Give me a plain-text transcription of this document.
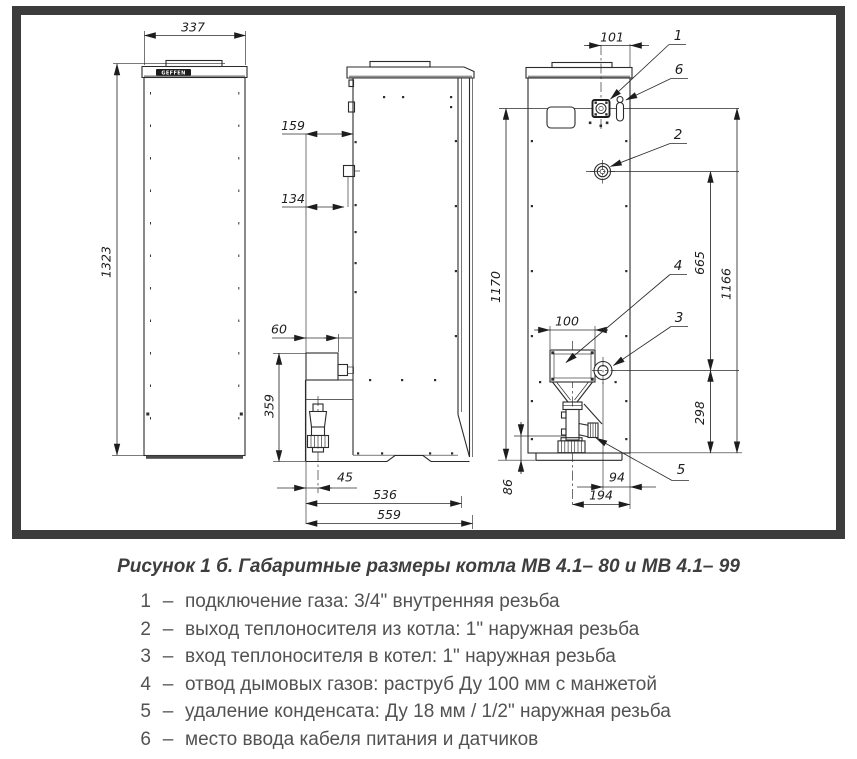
GEFFEN
337
1323
159
134
60
359
45
536
559
101
1170
665
1166
298
86
100
94
194
1
6
2
4
3
5
Рисунок 1 б. Габаритные размеры котла МВ 4.1– 80 и МВ 4.1– 99
1 – подключение газа: 3/4" внутренняя резьба
2 – выход теплоносителя из котла: 1" наружная резьба
3 – вход теплоносителя в котел: 1" наружная резьба
4 – отвод дымовых газов: раструб Ду 100 мм с манжетой
5 – удаление конденсата: Ду 18 мм / 1/2" наружная резьба
6 – место ввода кабеля питания и датчиков
